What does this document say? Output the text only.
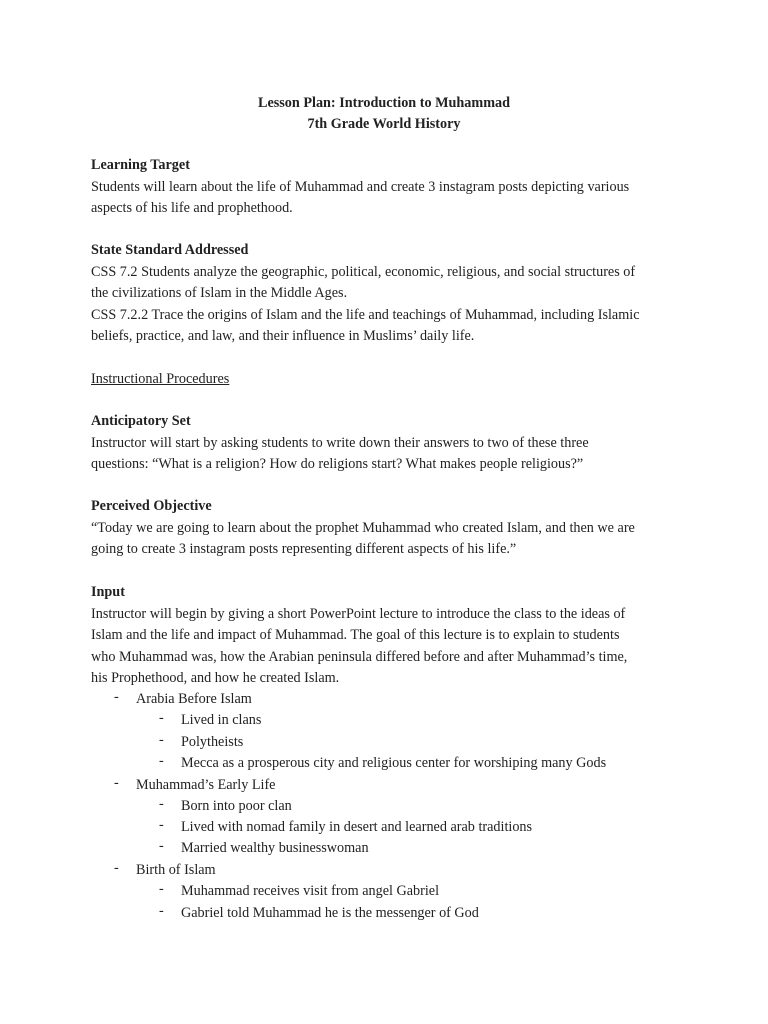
Lesson Plan: Introduction to Muhammad
7th Grade World History
Learning Target
Students will learn about the life of Muhammad and create 3 instagram posts depicting various
aspects of his life and prophethood.
State Standard Addressed
CSS 7.2 Students analyze the geographic, political, economic, religious, and social structures of
the civilizations of Islam in the Middle Ages.
CSS 7.2.2 Trace the origins of Islam and the life and teachings of Muhammad, including Islamic
beliefs, practice, and law, and their influence in Muslims’ daily life.
Instructional Procedures
Anticipatory Set
Instructor will start by asking students to write down their answers to two of these three
questions: “What is a religion? How do religions start? What makes people religious?”
Perceived Objective
“Today we are going to learn about the prophet Muhammad who created Islam, and then we are
going to create 3 instagram posts representing different aspects of his life.”
Input
Instructor will begin by giving a short PowerPoint lecture to introduce the class to the ideas of
Islam and the life and impact of Muhammad. The goal of this lecture is to explain to students
who Muhammad was, how the Arabian peninsula differed before and after Muhammad’s time,
his Prophethood, and how he created Islam.
- Arabia Before Islam
- Lived in clans
- Polytheists
- Mecca as a prosperous city and religious center for worshiping many Gods
- Muhammad’s Early Life
- Born into poor clan
- Lived with nomad family in desert and learned arab traditions
- Married wealthy businesswoman
- Birth of Islam
- Muhammad receives visit from angel Gabriel
- Gabriel told Muhammad he is the messenger of God
